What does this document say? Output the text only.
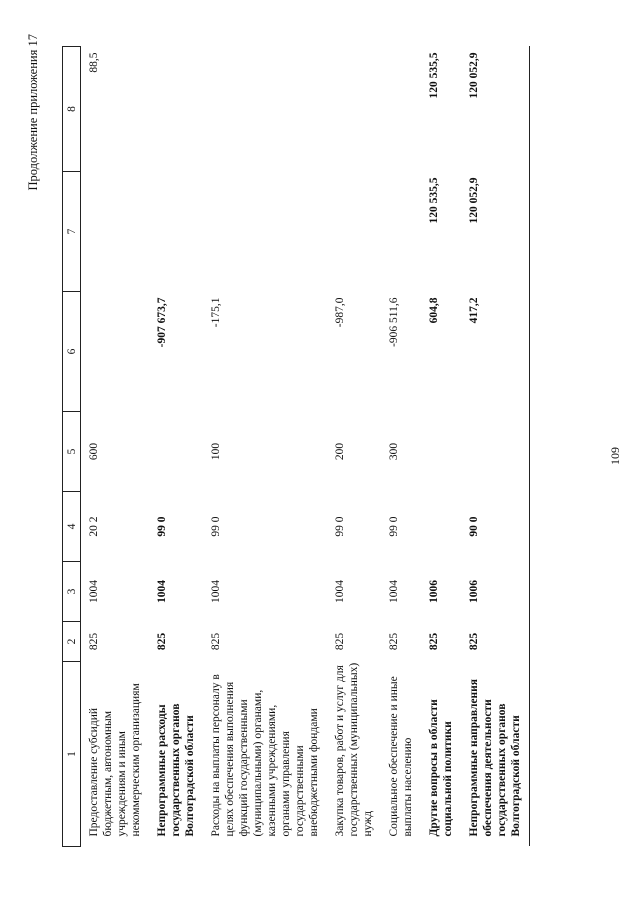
Продолжение приложения 17
1	2	3	4	5	6	7	8
Предоставление субсидий бюджетным, автономным учреждениям и иным некоммерческим организациям	825	1004	20 2	600			88,5
Непрограммные расходы государственных органов Волгоградской области	825	1004	99 0		-907 673,7		
Расходы на выплаты персоналу в целях обеспечения выполнения функций государственными (муниципальными) органами, казенными учреждениями, органами управления государственными внебюджетными фондами	825	1004	99 0	100	-175,1		
Закупка товаров, работ и услуг для государственных (муниципальных) нужд	825	1004	99 0	200	-987,0		
Социальное обеспечение и иные выплаты населению	825	1004	99 0	300	-906 511,6		
Другие вопросы в области социальной политики	825	1006			604,8	120 535,5	120 535,5
Непрограммные направления обеспечения деятельности государственных органов Волгоградской области	825	1006	90 0		417,2	120 052,9	120 052,9
109
